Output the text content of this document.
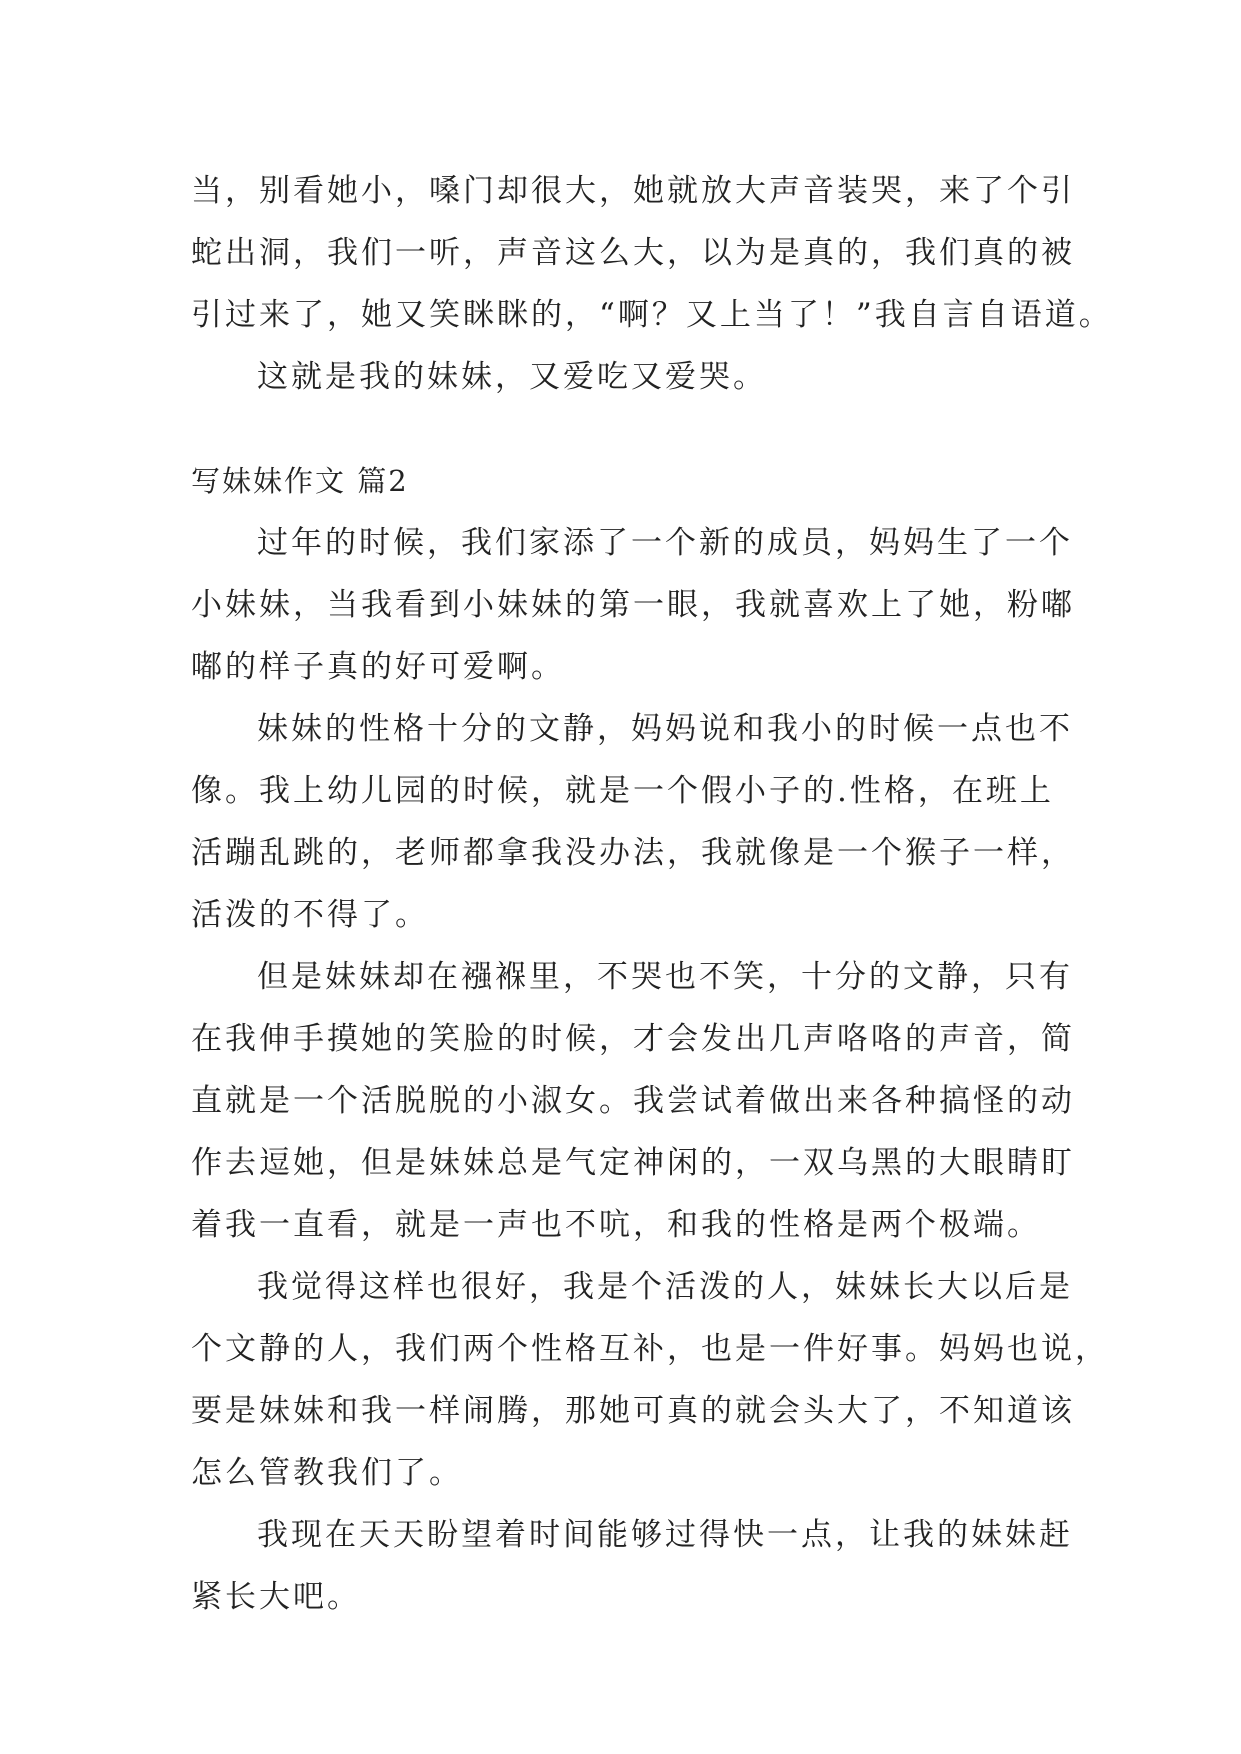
当，别看她小，嗓门却很大，她就放大声音装哭，来了个引
蛇出洞，我们一听，声音这么大，以为是真的，我们真的被
引过来了，她又笑眯眯的，“啊？又上当了！”我自言自语道。
这就是我的妹妹，又爱吃又爱哭。
写妹妹作文 篇2
过年的时候，我们家添了一个新的成员，妈妈生了一个
小妹妹，当我看到小妹妹的第一眼，我就喜欢上了她，粉嘟
嘟的样子真的好可爱啊。
妹妹的性格十分的文静，妈妈说和我小的时候一点也不
像。我上幼儿园的时候，就是一个假小子的.性格，在班上
活蹦乱跳的，老师都拿我没办法，我就像是一个猴子一样，
活泼的不得了。
但是妹妹却在襁褓里，不哭也不笑，十分的文静，只有
在我伸手摸她的笑脸的时候，才会发出几声咯咯的声音，简
直就是一个活脱脱的小淑女。我尝试着做出来各种搞怪的动
作去逗她，但是妹妹总是气定神闲的，一双乌黑的大眼睛盯
着我一直看，就是一声也不吭，和我的性格是两个极端。
我觉得这样也很好，我是个活泼的人，妹妹长大以后是
个文静的人，我们两个性格互补，也是一件好事。妈妈也说，
要是妹妹和我一样闹腾，那她可真的就会头大了，不知道该
怎么管教我们了。
我现在天天盼望着时间能够过得快一点，让我的妹妹赶
紧长大吧。
